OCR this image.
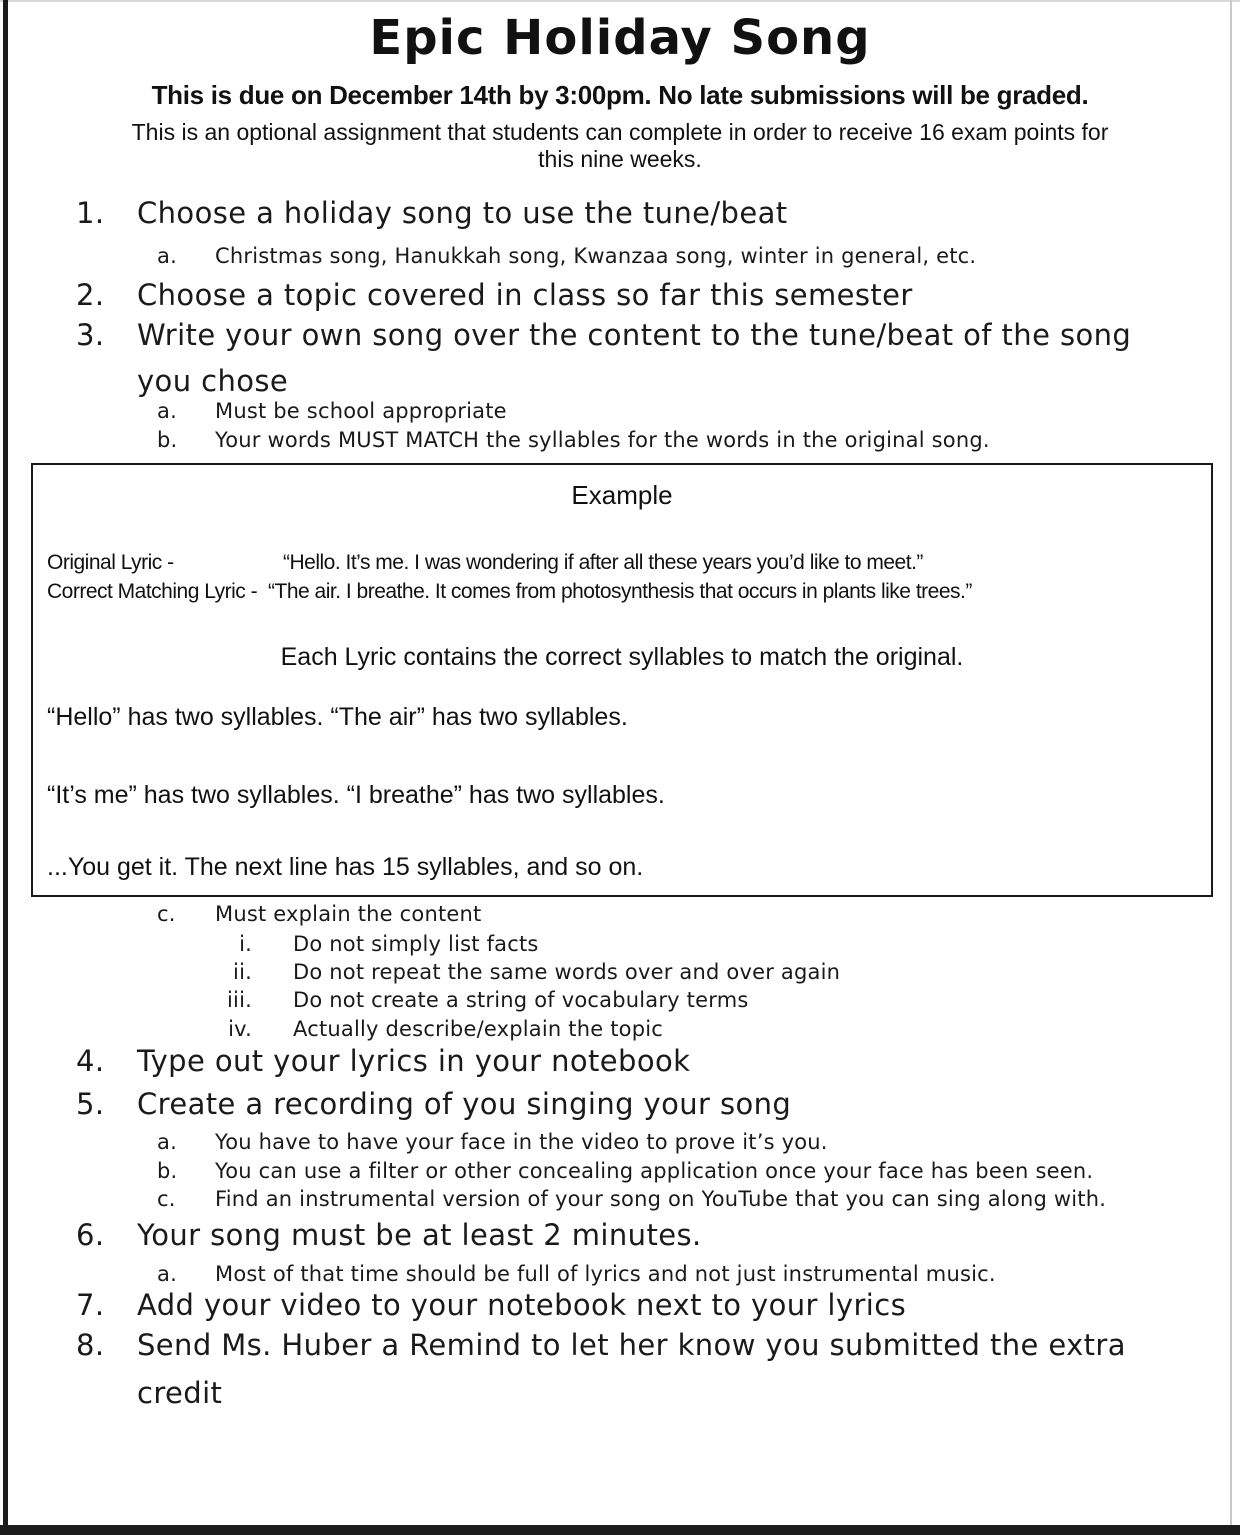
Epic Holiday Song
This is due on December 14th by 3:00pm. No late submissions will be graded.
This is an optional assignment that students can complete in order to receive 16 exam points for
this nine weeks.
1. Choose a holiday song to use the tune/beat
a. Christmas song, Hanukkah song, Kwanzaa song, winter in general, etc.
2. Choose a topic covered in class so far this semester
3. Write your own song over the content to the tune/beat of the song
you chose
a. Must be school appropriate
b. Your words MUST MATCH the syllables for the words in the original song.
Example
Original Lyric -	“Hello. It’s me. I was wondering if after all these years you’d like to meet.”
Correct Matching Lyric - “The air. I breathe. It comes from photosynthesis that occurs in plants like trees.”
Each Lyric contains the correct syllables to match the original.
“Hello” has two syllables. “The air” has two syllables.
“It’s me” has two syllables. “I breathe” has two syllables.
...You get it. The next line has 15 syllables, and so on.
c. Must explain the content
i. Do not simply list facts
ii. Do not repeat the same words over and over again
iii. Do not create a string of vocabulary terms
iv. Actually describe/explain the topic
4. Type out your lyrics in your notebook
5. Create a recording of you singing your song
a. You have to have your face in the video to prove it’s you.
b. You can use a filter or other concealing application once your face has been seen.
c. Find an instrumental version of your song on YouTube that you can sing along with.
6. Your song must be at least 2 minutes.
a. Most of that time should be full of lyrics and not just instrumental music.
7. Add your video to your notebook next to your lyrics
8. Send Ms. Huber a Remind to let her know you submitted the extra
credit
